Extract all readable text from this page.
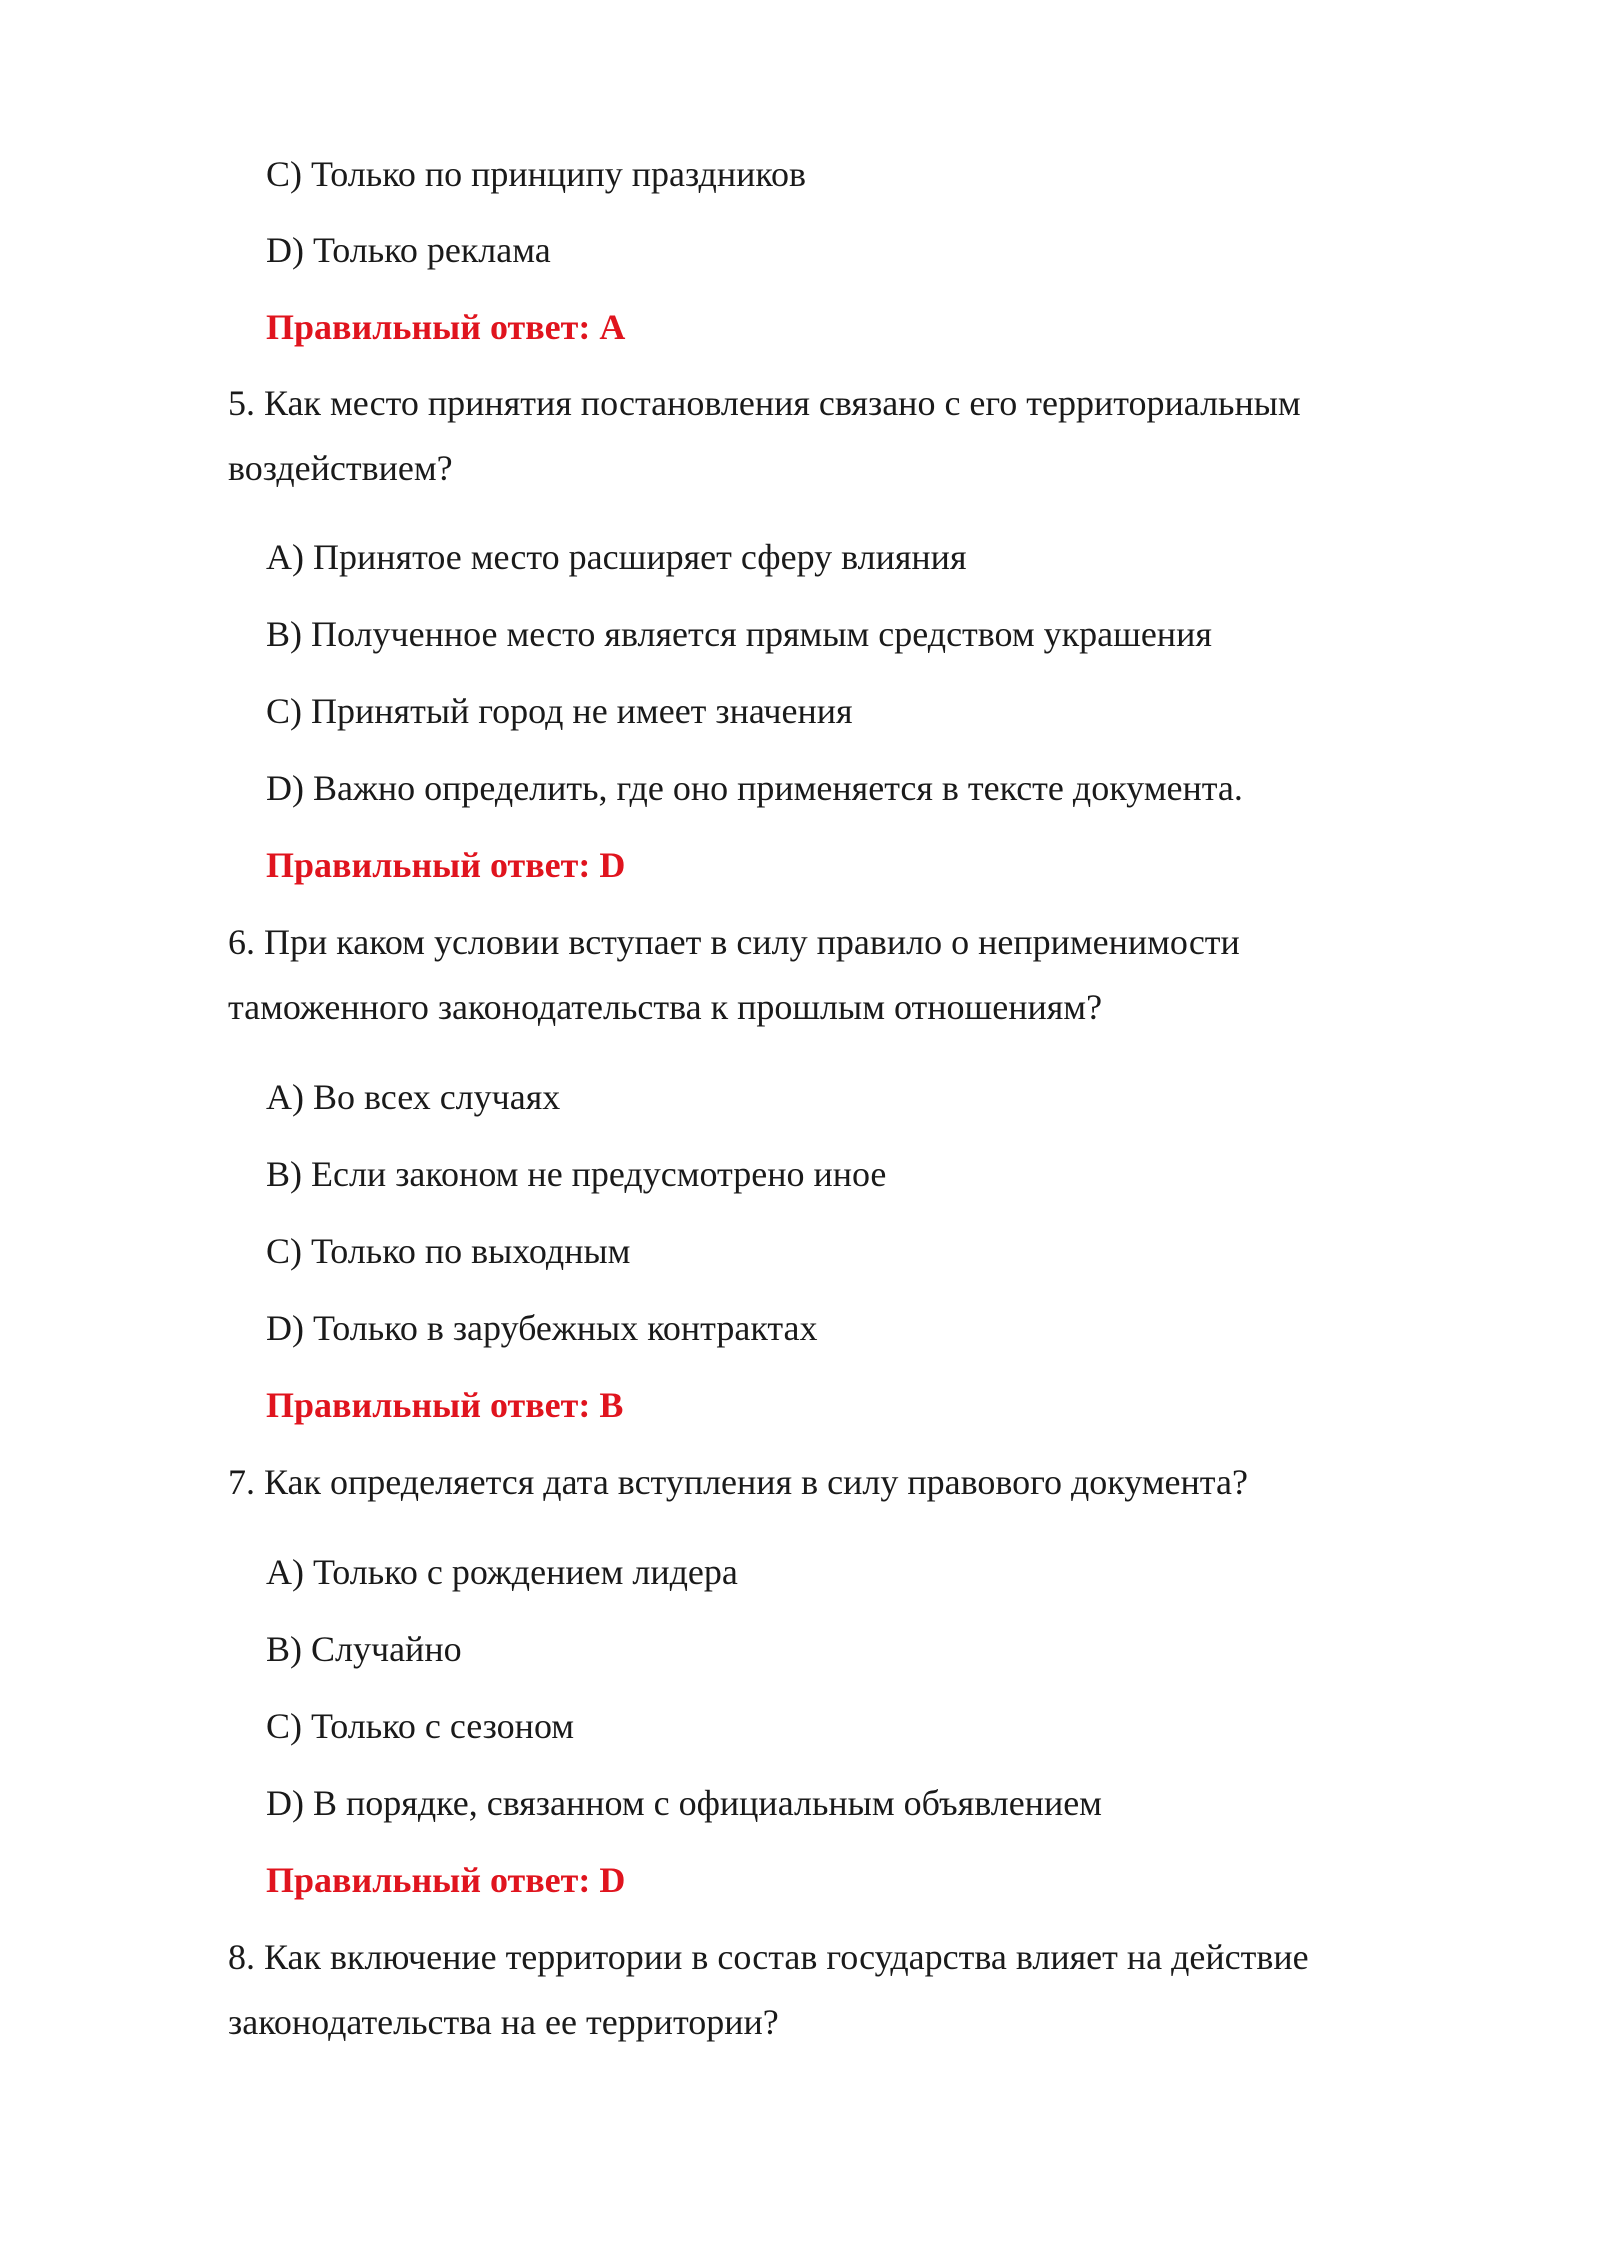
C) Только по принципу праздников
D) Только реклама
Правильный ответ: A
5. Как место принятия постановления связано с его территориальным
воздействием?
A) Принятое место расширяет сферу влияния
B) Полученное место является прямым средством украшения
C) Принятый город не имеет значения
D) Важно определить, где оно применяется в тексте документа.
Правильный ответ: D
6. При каком условии вступает в силу правило о неприменимости
таможенного законодательства к прошлым отношениям?
A) Во всех случаях
B) Если законом не предусмотрено иное
C) Только по выходным
D) Только в зарубежных контрактах
Правильный ответ: B
7. Как определяется дата вступления в силу правового документа?
A) Только с рождением лидера
B) Случайно
C) Только с сезоном
D) В порядке, связанном с официальным объявлением
Правильный ответ: D
8. Как включение территории в состав государства влияет на действие
законодательства на ее территории?
